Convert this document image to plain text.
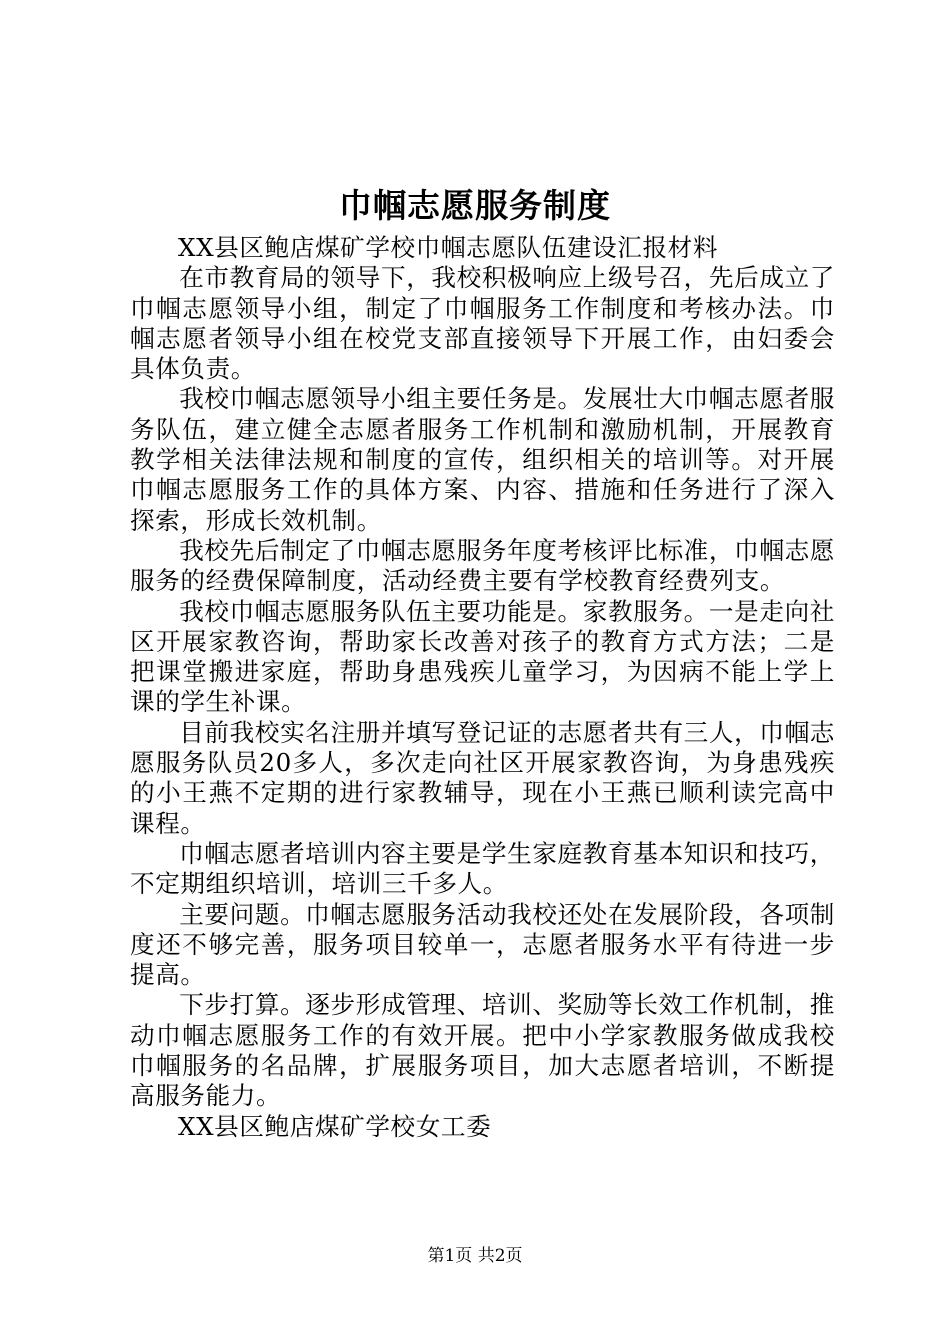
巾帼志愿服务制度

XX县区鲍店煤矿学校巾帼志愿队伍建设汇报材料

在市教育局的领导下，我校积极响应上级号召，先后成立了巾帼志愿领导小组，制定了巾帼服务工作制度和考核办法。巾帼志愿者领导小组在校党支部直接领导下开展工作，由妇委会具体负责。

我校巾帼志愿领导小组主要任务是。发展壮大巾帼志愿者服务队伍，建立健全志愿者服务工作机制和激励机制，开展教育教学相关法律法规和制度的宣传，组织相关的培训等。对开展巾帼志愿服务工作的具体方案、内容、措施和任务进行了深入探索，形成长效机制。

我校先后制定了巾帼志愿服务年度考核评比标准，巾帼志愿服务的经费保障制度，活动经费主要有学校教育经费列支。

我校巾帼志愿服务队伍主要功能是。家教服务。一是走向社区开展家教咨询，帮助家长改善对孩子的教育方式方法；二是把课堂搬进家庭，帮助身患残疾儿童学习，为因病不能上学上课的学生补课。

目前我校实名注册并填写登记证的志愿者共有三人，巾帼志愿服务队员20多人，多次走向社区开展家教咨询，为身患残疾的小王燕不定期的进行家教辅导，现在小王燕已顺利读完高中课程。

巾帼志愿者培训内容主要是学生家庭教育基本知识和技巧，不定期组织培训，培训三千多人。

主要问题。巾帼志愿服务活动我校还处在发展阶段，各项制度还不够完善，服务项目较单一，志愿者服务水平有待进一步提高。

下步打算。逐步形成管理、培训、奖励等长效工作机制，推动巾帼志愿服务工作的有效开展。把中小学家教服务做成我校巾帼服务的名品牌，扩展服务项目，加大志愿者培训，不断提高服务能力。

XX县区鲍店煤矿学校女工委

第1页 共2页
